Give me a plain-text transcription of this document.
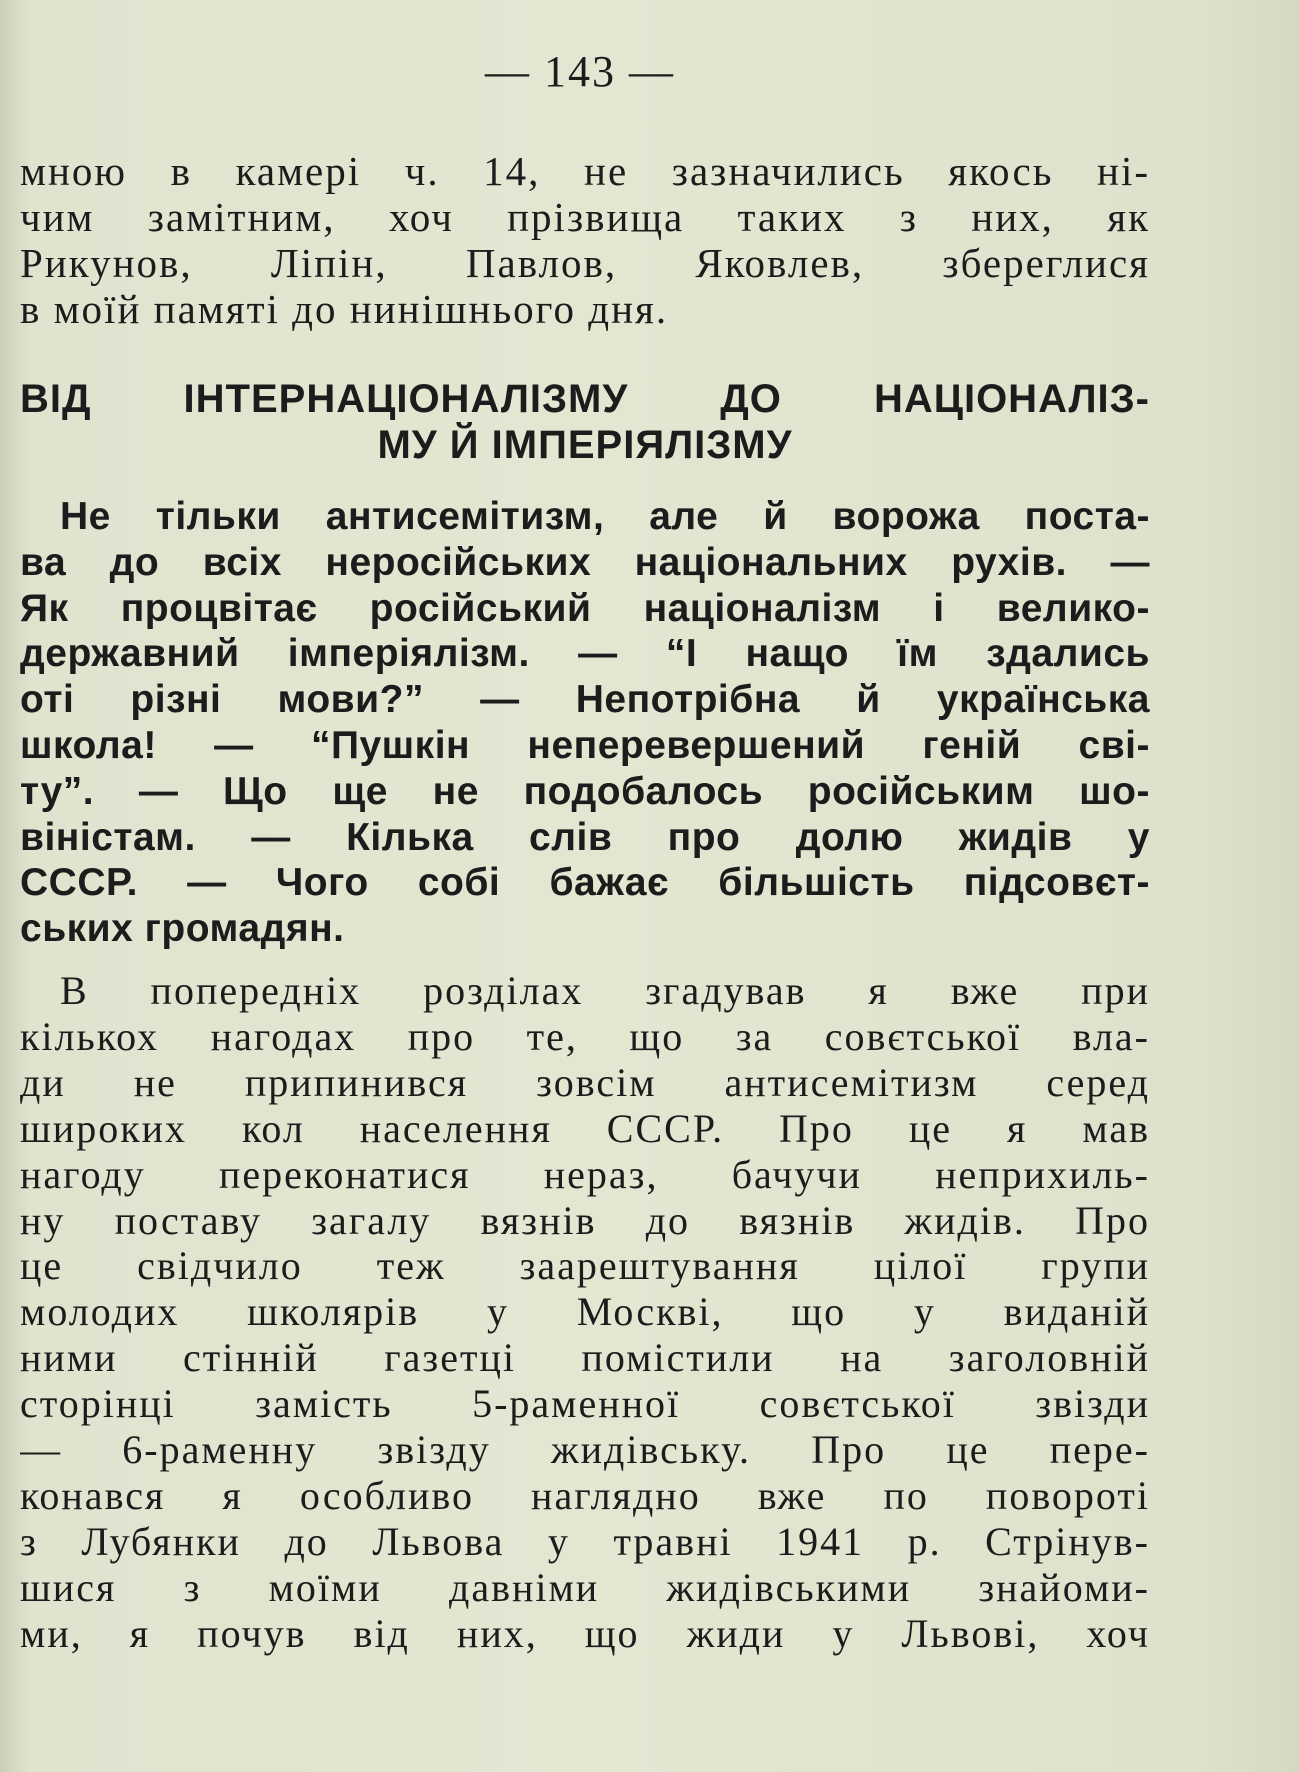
— 143 —
мною в камері ч. 14, не зазначились якось ні-
чим замітним, хоч прізвища таких з них, як
Рикунов, Ліпін, Павлов, Яковлев, збереглися
в моїй памяті до нинішнього дня.
ВІД ІНТЕРНАЦІОНАЛІЗМУ ДО НАЦІОНАЛІЗ-
МУ Й ІМПЕРІЯЛІЗМУ
Не тільки антисемітизм, але й ворожа поста-
ва до всіх неросійських національних рухів. —
Як процвітає російський націоналізм і велико-
державний імперіялізм. — “І нащо їм здались
оті різні мови?” — Непотрібна й українська
школа! — “Пушкін неперевершений геній сві-
ту”. — Що ще не подобалось російським шо-
віністам. — Кілька слів про долю жидів у
СССР. — Чого собі бажає більшість підсовєт-
ських громадян.
В попередніх розділах згадував я вже при
кількох нагодах про те, що за совєтської вла-
ди не припинився зовсім антисемітизм серед
широких кол населення СССР. Про це я мав
нагоду переконатися нераз, бачучи неприхиль-
ну поставу загалу вязнів до вязнів жидів. Про
це свідчило теж заарештування цілої групи
молодих школярів у Москві, що у виданій
ними стінній газетці помістили на заголовній
сторінці замість 5-раменної совєтської звізди
— 6-раменну звізду жидівську. Про це пере-
конався я особливо наглядно вже по повороті
з Лубянки до Львова у травні 1941 р. Стрінув-
шися з моїми давніми жидівськими знайоми-
ми, я почув від них, що жиди у Львові, хоч
